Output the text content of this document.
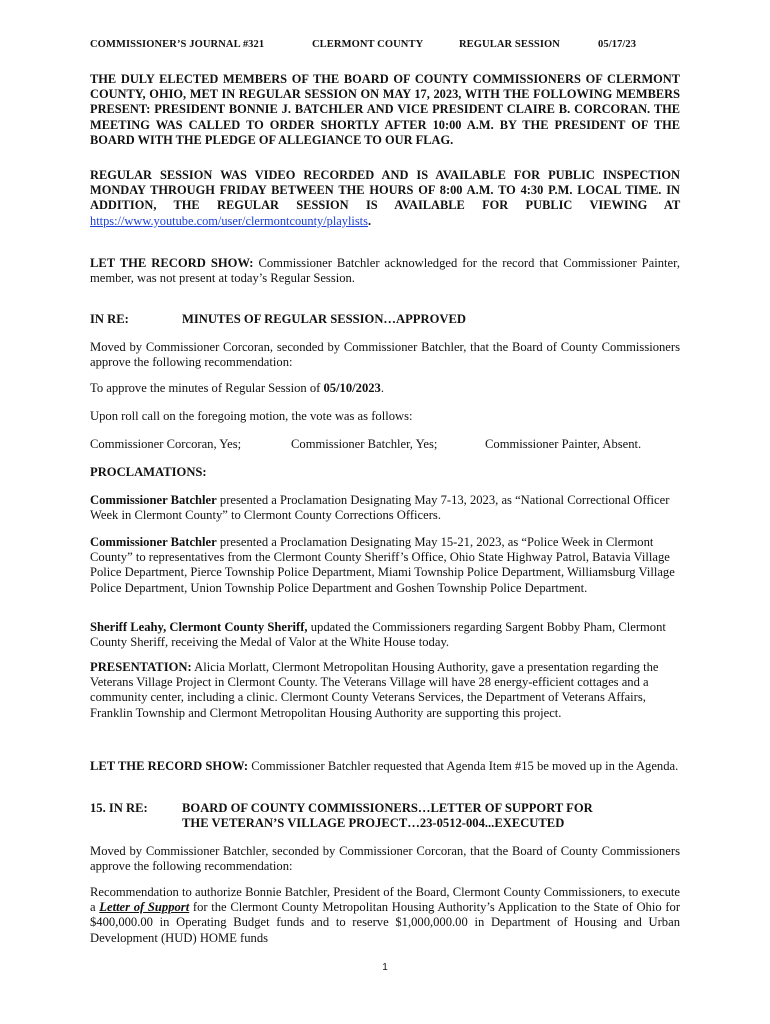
COMMISSIONER’S JOURNAL #321	CLERMONT COUNTY	REGULAR SESSION	05/17/23

THE DULY ELECTED MEMBERS OF THE BOARD OF COUNTY COMMISSIONERS OF CLERMONT COUNTY, OHIO, MET IN REGULAR SESSION ON MAY 17, 2023, WITH THE FOLLOWING MEMBERS PRESENT: PRESIDENT BONNIE J. BATCHLER AND VICE PRESIDENT CLAIRE B. CORCORAN. THE MEETING WAS CALLED TO ORDER SHORTLY AFTER 10:00 A.M. BY THE PRESIDENT OF THE BOARD WITH THE PLEDGE OF ALLEGIANCE TO OUR FLAG.

REGULAR SESSION WAS VIDEO RECORDED AND IS AVAILABLE FOR PUBLIC INSPECTION MONDAY THROUGH FRIDAY BETWEEN THE HOURS OF 8:00 A.M. TO 4:30 P.M. LOCAL TIME. IN ADDITION, THE REGULAR SESSION IS AVAILABLE FOR PUBLIC VIEWING AT https://www.youtube.com/user/clermontcounty/playlists.

LET THE RECORD SHOW: Commissioner Batchler acknowledged for the record that Commissioner Painter, member, was not present at today’s Regular Session.

IN RE:	MINUTES OF REGULAR SESSION…APPROVED

Moved by Commissioner Corcoran, seconded by Commissioner Batchler, that the Board of County Commissioners approve the following recommendation:

To approve the minutes of Regular Session of 05/10/2023.

Upon roll call on the foregoing motion, the vote was as follows:

Commissioner Corcoran, Yes;	Commissioner Batchler, Yes;	Commissioner Painter, Absent.

PROCLAMATIONS:

Commissioner Batchler presented a Proclamation Designating May 7-13, 2023, as “National Correctional Officer Week in Clermont County” to Clermont County Corrections Officers.

Commissioner Batchler presented a Proclamation Designating May 15-21, 2023, as “Police Week in Clermont County” to representatives from the Clermont County Sheriff’s Office, Ohio State Highway Patrol, Batavia Village Police Department, Pierce Township Police Department, Miami Township Police Department, Williamsburg Village Police Department, Union Township Police Department and Goshen Township Police Department.

Sheriff Leahy, Clermont County Sheriff, updated the Commissioners regarding Sargent Bobby Pham, Clermont County Sheriff, receiving the Medal of Valor at the White House today.

PRESENTATION: Alicia Morlatt, Clermont Metropolitan Housing Authority, gave a presentation regarding the Veterans Village Project in Clermont County. The Veterans Village will have 28 energy-efficient cottages and a community center, including a clinic. Clermont County Veterans Services, the Department of Veterans Affairs, Franklin Township and Clermont Metropolitan Housing Authority are supporting this project.

LET THE RECORD SHOW: Commissioner Batchler requested that Agenda Item #15 be moved up in the Agenda.

15. IN RE:	BOARD OF COUNTY COMMISSIONERS…LETTER OF SUPPORT FOR
THE VETERAN’S VILLAGE PROJECT…23-0512-004...EXECUTED

Moved by Commissioner Batchler, seconded by Commissioner Corcoran, that the Board of County Commissioners approve the following recommendation:

Recommendation to authorize Bonnie Batchler, President of the Board, Clermont County Commissioners, to execute a Letter of Support for the Clermont County Metropolitan Housing Authority’s Application to the State of Ohio for $400,000.00 in Operating Budget funds and to reserve $1,000,000.00 in Department of Housing and Urban Development (HUD) HOME funds

1
